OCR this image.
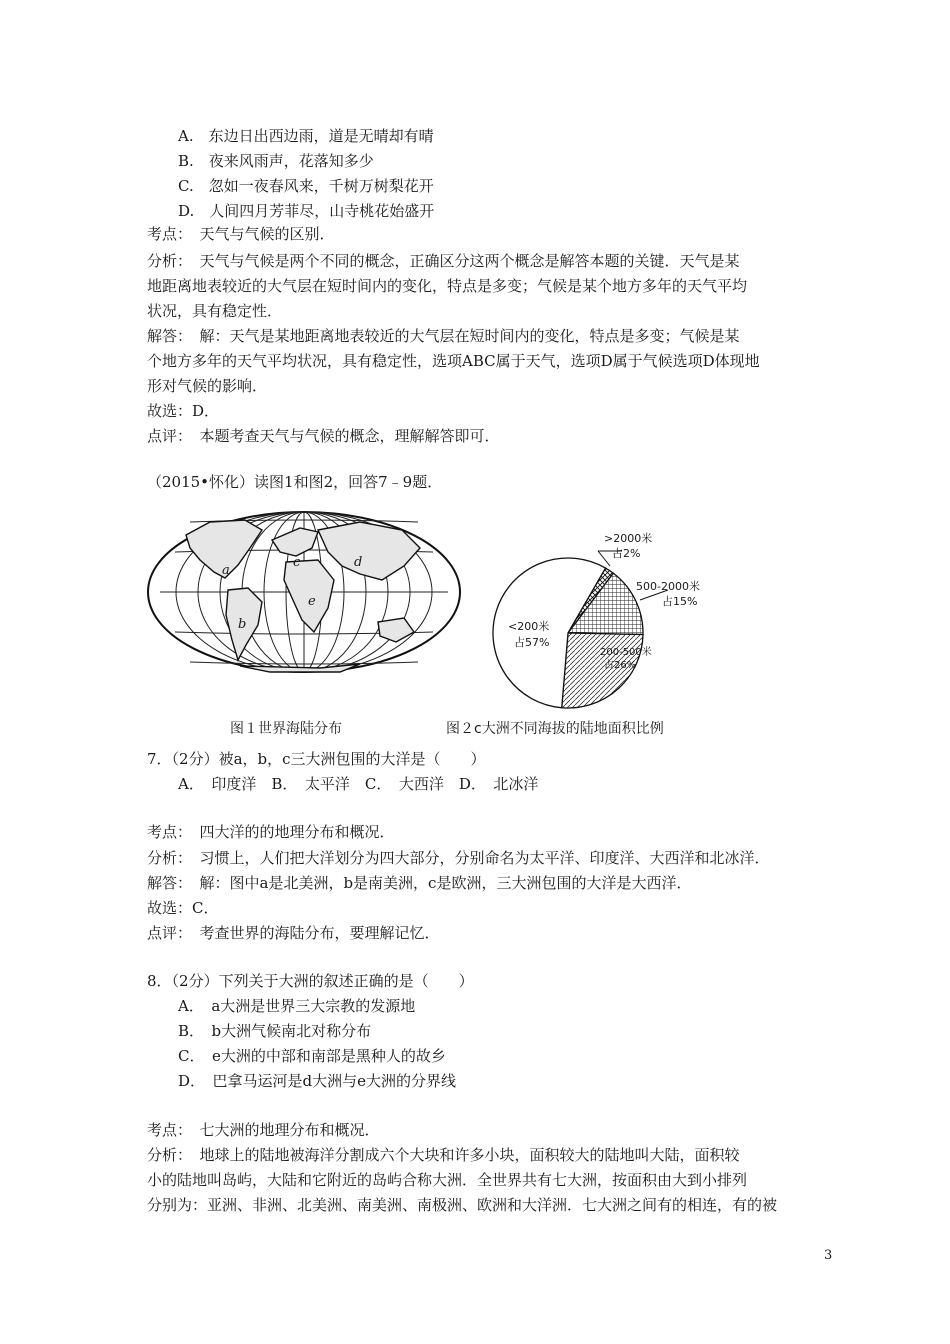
A.　东边日出西边雨，道是无晴却有晴
B.　夜来风雨声，花落知多少
C.　忽如一夜春风来，千树万树梨花开
D.　人间四月芳菲尽，山寺桃花始盛开
考点：　天气与气候的区别．
分析：　天气与气候是两个不同的概念，正确区分这两个概念是解答本题的关键．天气是某
地距离地表较近的大气层在短时间内的变化，特点是多变；气候是某个地方多年的天气平均
状况，具有稳定性．
解答：　解：天气是某地距离地表较近的大气层在短时间内的变化，特点是多变；气候是某
个地方多年的天气平均状况，具有稳定性，选项ABC属于天气，选项D属于气候选项D体现地
形对气候的影响．
故选：D．
点评：　本题考查天气与气候的概念，理解解答即可．
（2015•怀化）读图1和图2，回答7﹣9题．
>2000米
占2%
500-2000米
占15%
200-500米
占26%
<200米
占57%
a
b
c	d
e
图１世界海陆分布	图２c大洲不同海拔的陆地面积比例
7．（2分）被a，b，c三大洲包围的大洋是（　　）
A．　印度洋　B．　太平洋　C．　大西洋　D．　北冰洋
考点：　四大洋的的地理分布和概况．
分析：　习惯上，人们把大洋划分为四大部分，分别命名为太平洋、印度洋、大西洋和北冰洋．
解答：　解：图中a是北美洲，b是南美洲，c是欧洲，三大洲包围的大洋是大西洋．
故选：C．
点评：　考查世界的海陆分布，要理解记忆．
8．（2分）下列关于大洲的叙述正确的是（　　）
A．　a大洲是世界三大宗教的发源地
B．　b大洲气候南北对称分布
C．　e大洲的中部和南部是黑种人的故乡
D．　巴拿马运河是d大洲与e大洲的分界线
考点：　七大洲的地理分布和概况．
分析：　地球上的陆地被海洋分割成六个大块和许多小块，面积较大的陆地叫大陆，面积较
小的陆地叫岛屿，大陆和它附近的岛屿合称大洲．全世界共有七大洲，按面积由大到小排列
分别为：亚洲、非洲、北美洲、南美洲、南极洲、欧洲和大洋洲．七大洲之间有的相连，有的被
3
